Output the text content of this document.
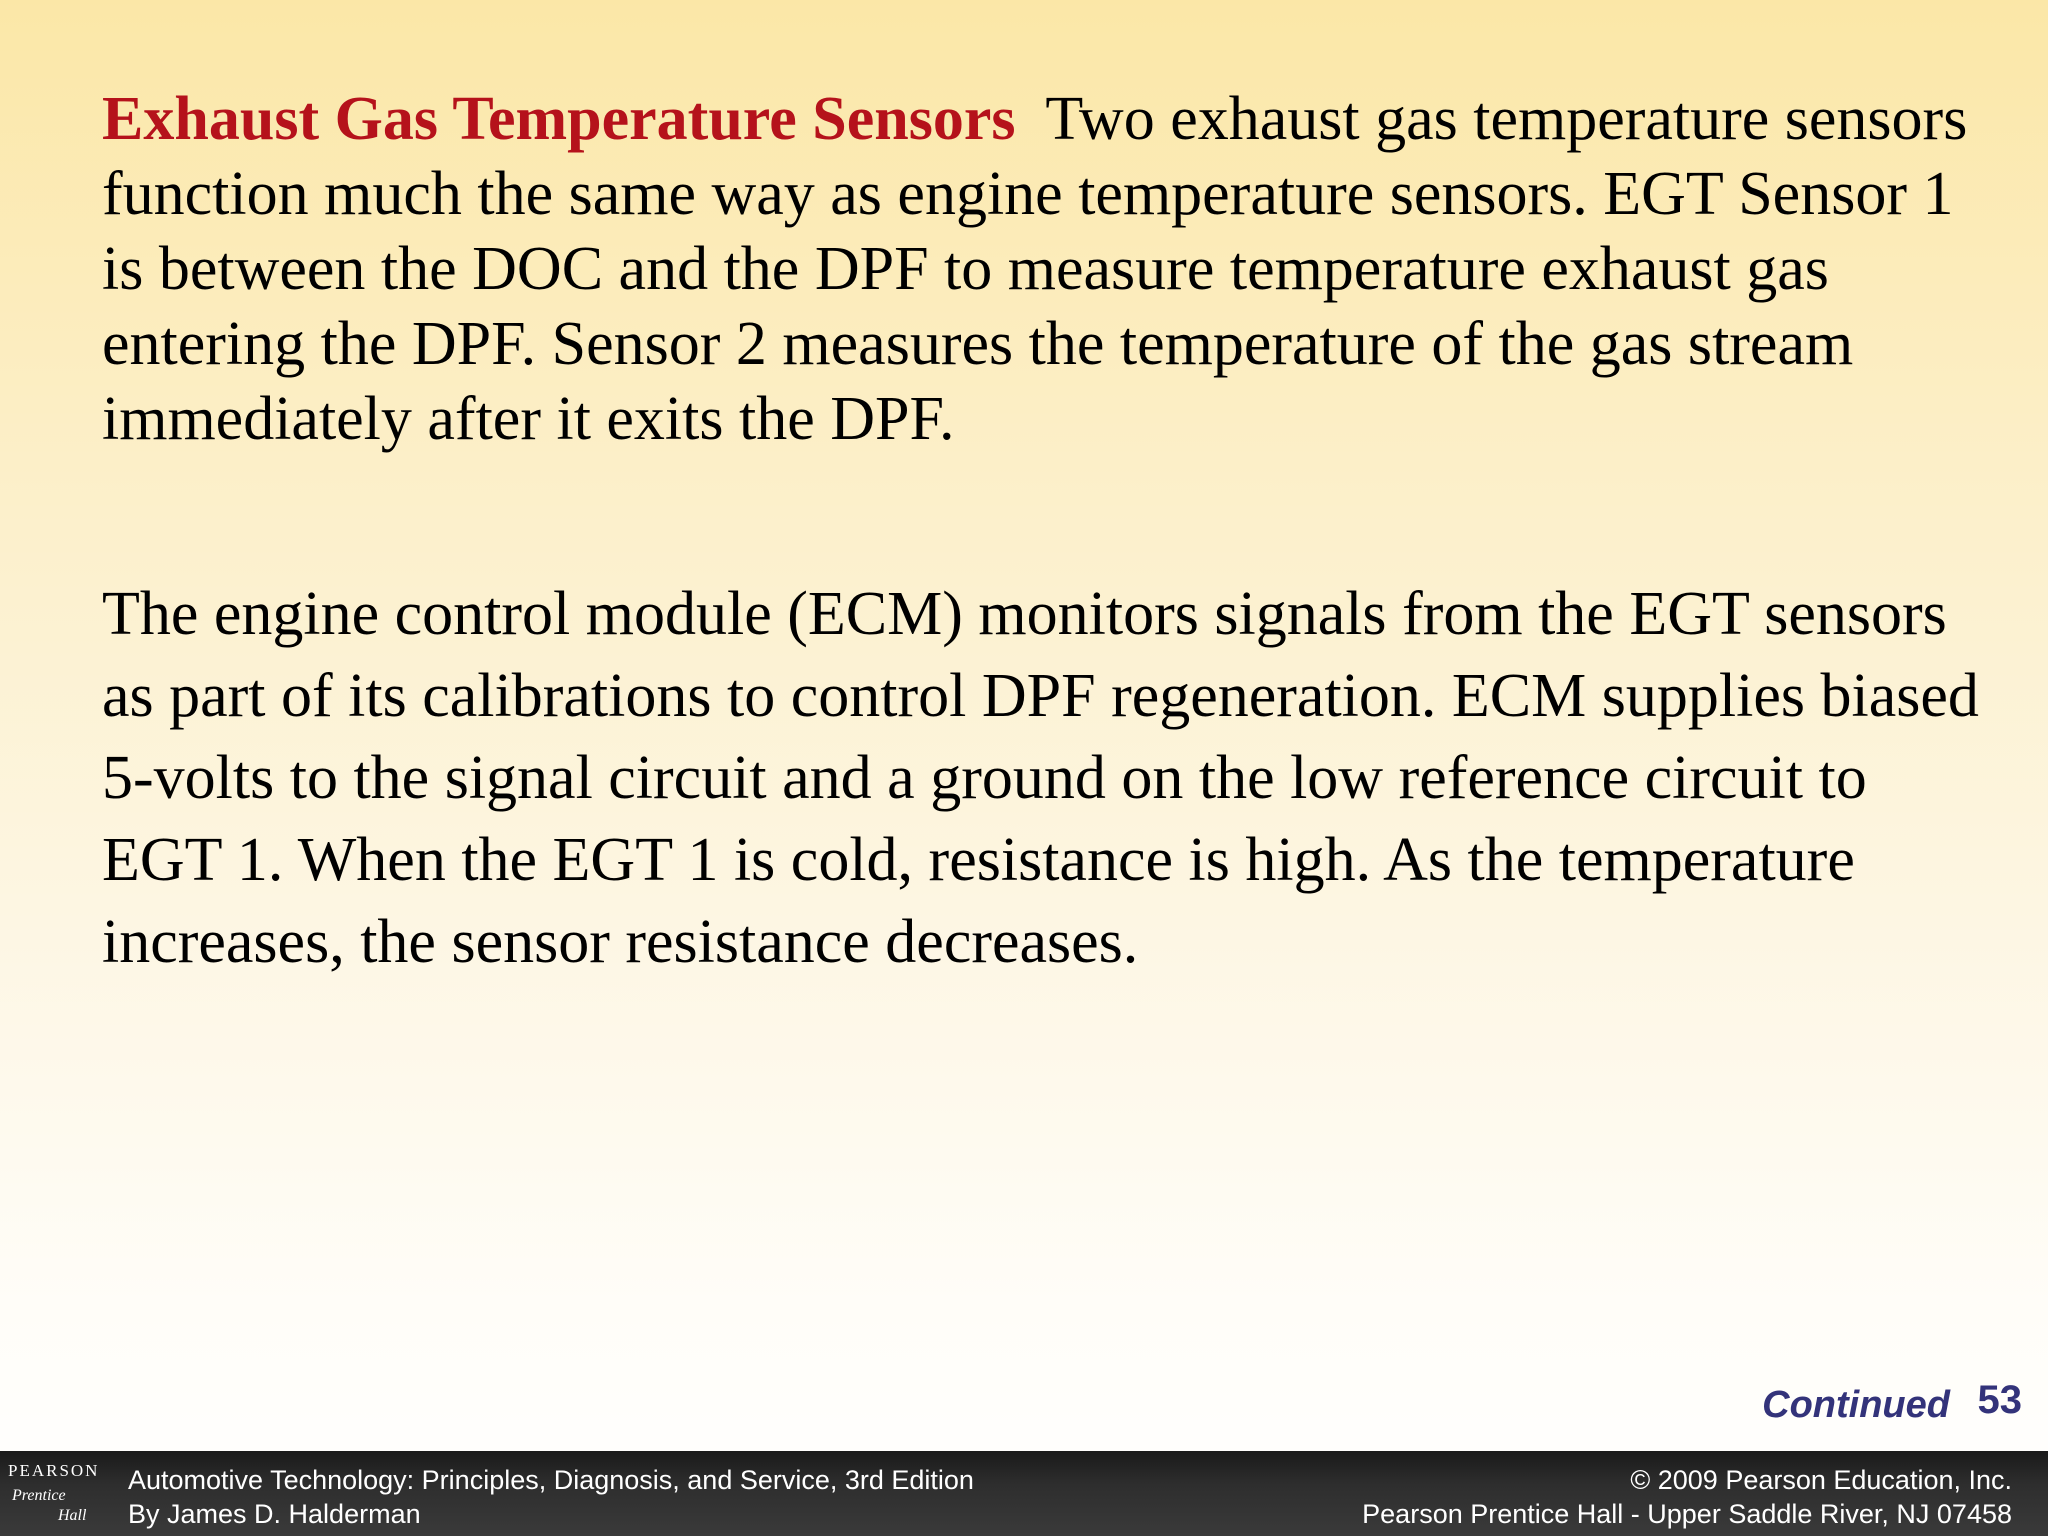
Exhaust Gas Temperature Sensors Two exhaust gas temperature sensors function much the same way as engine temperature sensors. EGT Sensor 1 is between the DOC and the DPF to measure temperature exhaust gas entering the DPF. Sensor 2 measures the temperature of the gas stream immediately after it exits the DPF.

The engine control module (ECM) monitors signals from the EGT sensors as part of its calibrations to control DPF regeneration. ECM supplies biased 5-volts to the signal circuit and a ground on the low reference circuit to EGT 1. When the EGT 1 is cold, resistance is high. As the temperature increases, the sensor resistance decreases.

Continued 53
PEARSON
Prentice
Hall
Automotive Technology: Principles, Diagnosis, and Service, 3rd Edition
By James D. Halderman
© 2009 Pearson Education, Inc.
Pearson Prentice Hall - Upper Saddle River, NJ 07458
